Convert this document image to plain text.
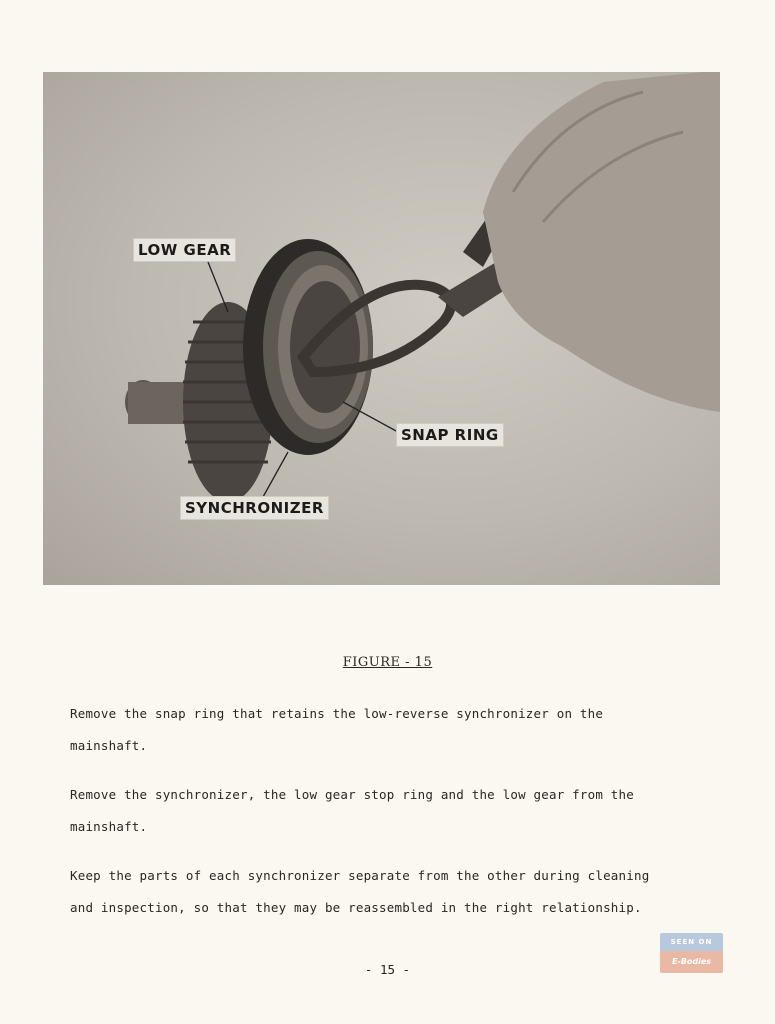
LOW GEAR
SNAP RING
SYNCHRONIZER
FIGURE - 15
Remove the snap ring that retains the low-reverse synchronizer on the mainshaft.
Remove the synchronizer, the low gear stop ring and the low gear from the mainshaft.
Keep the parts of each synchronizer separate from the other during cleaning and inspection, so that they may be reassembled in the right relationship.
- 15 -
SEEN ON
E-Bodies
